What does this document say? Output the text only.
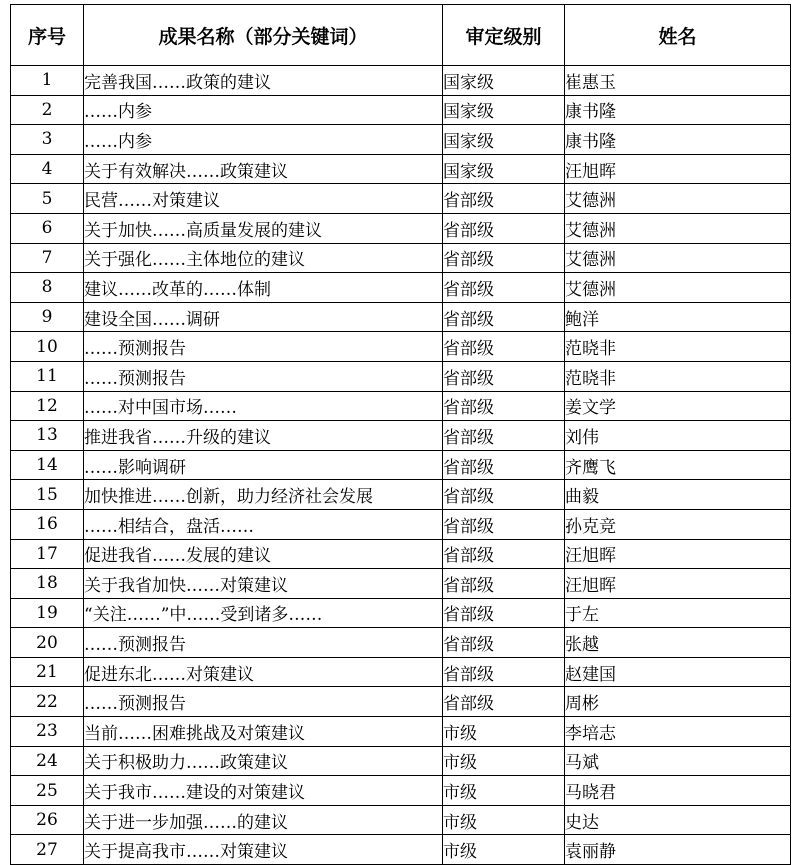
序号	成果名称（部分关键词）	审定级别	姓名
1	完善我国……政策的建议	国家级	崔惠玉
2	……内参	国家级	康书隆
3	……内参	国家级	康书隆
4	关于有效解决……政策建议	国家级	汪旭晖
5	民营……对策建议	省部级	艾德洲
6	关于加快……高质量发展的建议	省部级	艾德洲
7	关于强化……主体地位的建议	省部级	艾德洲
8	建议……改革的……体制	省部级	艾德洲
9	建设全国……调研	省部级	鲍洋
10	……预测报告	省部级	范晓非
11	……预测报告	省部级	范晓非
12	……对中国市场……	省部级	姜文学
13	推进我省……升级的建议	省部级	刘伟
14	……影响调研	省部级	齐鹰飞
15	加快推进……创新，助力经济社会发展	省部级	曲毅
16	……相结合，盘活……	省部级	孙克竞
17	促进我省……发展的建议	省部级	汪旭晖
18	关于我省加快……对策建议	省部级	汪旭晖
19	“关注……”中……受到诸多……	省部级	于左
20	……预测报告	省部级	张越
21	促进东北……对策建议	省部级	赵建国
22	……预测报告	省部级	周彬
23	当前……困难挑战及对策建议	市级	李培志
24	关于积极助力……政策建议	市级	马斌
25	关于我市……建设的对策建议	市级	马晓君
26	关于进一步加强……的建议	市级	史达
27	关于提高我市……对策建议	市级	袁丽静
